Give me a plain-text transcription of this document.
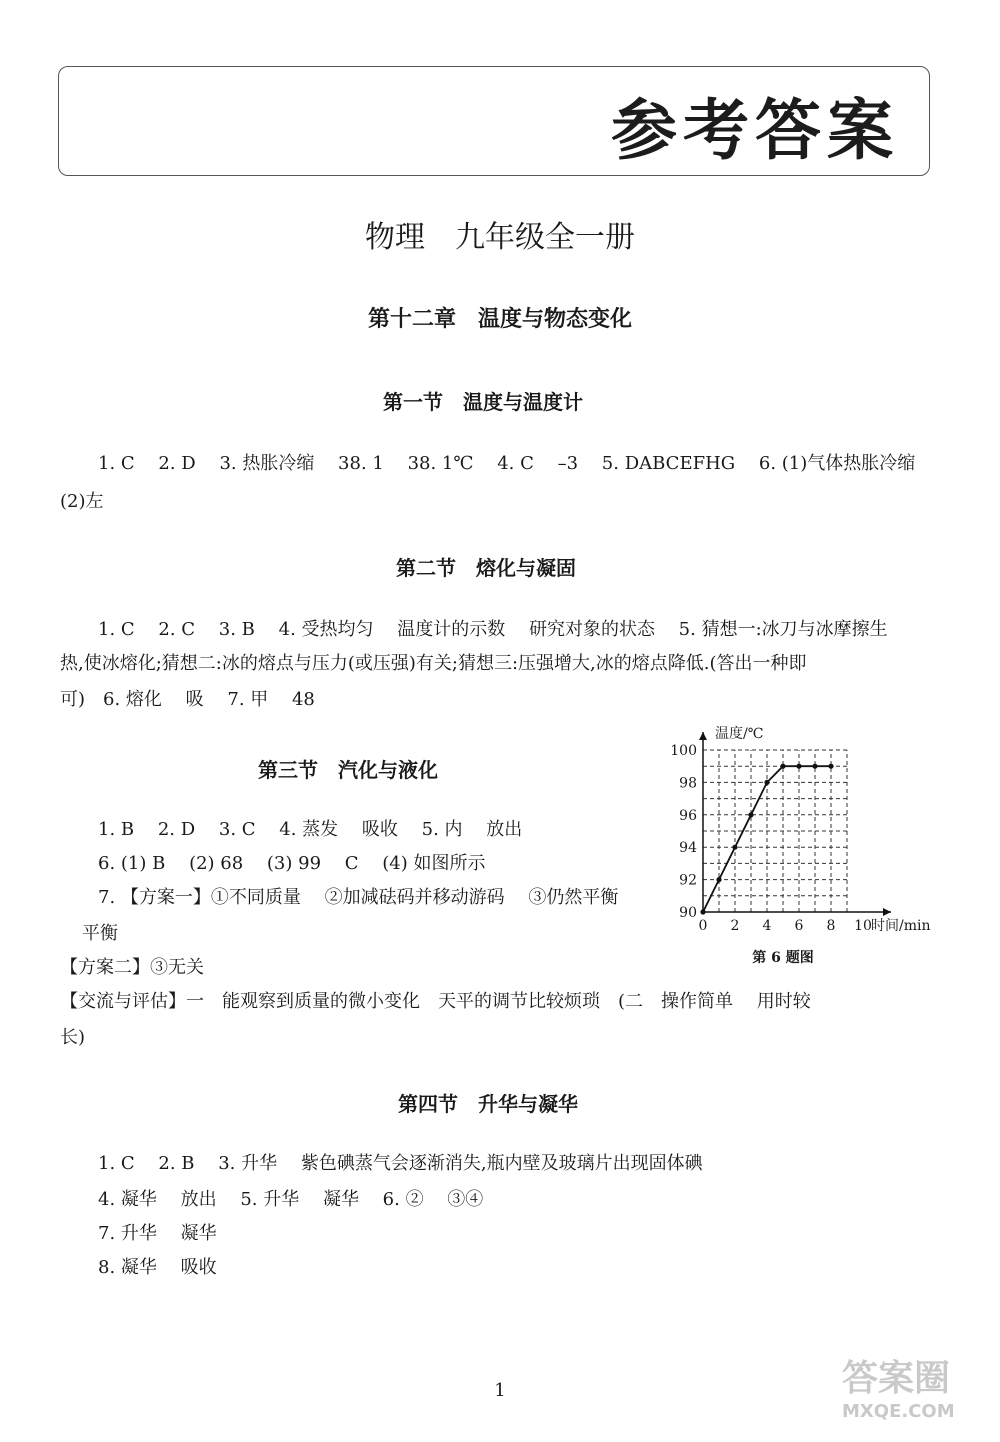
参考答案
物理　九年级全一册
第十二章　温度与物态变化
第一节　温度与温度计
1. C　 2. D　 3. 热胀冷缩　 38. 1　 38. 1℃　 4. C　 –3　 5. DABCEFHG　 6. (1)气体热胀冷缩
(2)左
第二节　熔化与凝固
1. C　 2. C　 3. B　 4. 受热均匀　 温度计的示数　 研究对象的状态　 5. 猜想一:冰刀与冰摩擦生
热,使冰熔化;猜想二:冰的熔点与压力(或压强)有关;猜想三:压强增大,冰的熔点降低.(答出一种即
可)　6. 熔化　 吸　 7. 甲　 48
第三节　汽化与液化
1. B　 2. D　 3. C　 4. 蒸发　 吸收　 5. 内　 放出
6. (1) B　 (2) 68　 (3) 99　 C　 (4) 如图所示
7. 【方案一】①不同质量　 ②加减砝码并移动游码　 ③仍然平衡
平衡
【方案二】③无关
【交流与评估】一　能观察到质量的微小变化　天平的调节比较烦琐　(二　操作简单　 用时较
长)
0 2 4 6 8 10
90
92
94
96
98
100
温度/℃
时间/min
第 6 题图
第四节　升华与凝华
1. C　 2. B　 3. 升华　 紫色碘蒸气会逐渐消失,瓶内壁及玻璃片出现固体碘
4. 凝华　 放出　 5. 升华　 凝华　 6. ②　 ③④
7. 升华　 凝华
8. 凝华　 吸收
1	答案圈
MXQE.COM
